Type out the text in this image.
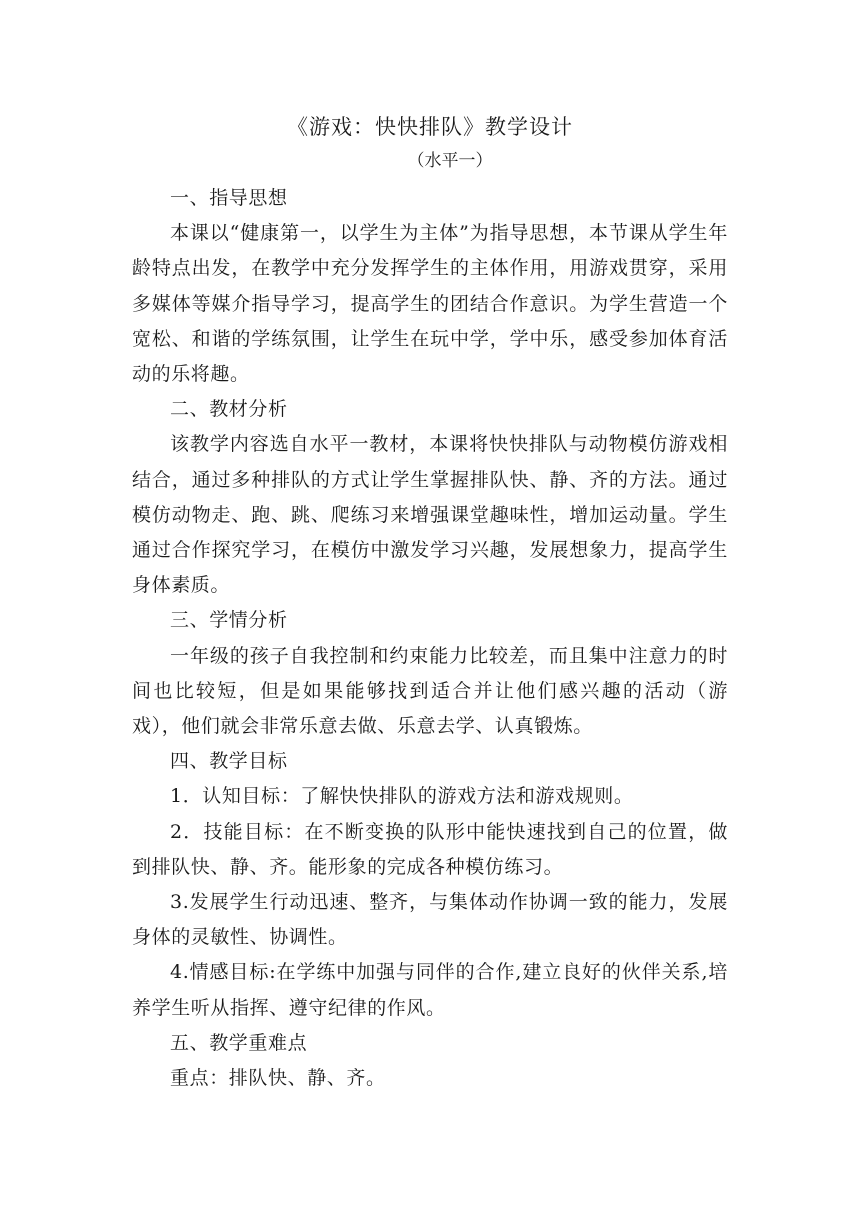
《游戏：快快排队》教学设计
（水平一）

一、指导思想

本课以“健康第一，以学生为主体”为指导思想，本节课从学生年龄特点出发，在教学中充分发挥学生的主体作用，用游戏贯穿，采用多媒体等媒介指导学习，提高学生的团结合作意识。为学生营造一个宽松、和谐的学练氛围，让学生在玩中学，学中乐，感受参加体育活动的乐将趣。

二、教材分析

该教学内容选自水平一教材，本课将快快排队与动物模仿游戏相结合，通过多种排队的方式让学生掌握排队快、静、齐的方法。通过模仿动物走、跑、跳、爬练习来增强课堂趣味性，增加运动量。学生通过合作探究学习，在模仿中激发学习兴趣，发展想象力，提高学生身体素质。

三、学情分析

一年级的孩子自我控制和约束能力比较差，而且集中注意力的时间也比较短，但是如果能够找到适合并让他们感兴趣的活动（游戏），他们就会非常乐意去做、乐意去学、认真锻炼。

四、教学目标

1．认知目标：了解快快排队的游戏方法和游戏规则。

2．技能目标：在不断变换的队形中能快速找到自己的位置，做到排队快、静、齐。能形象的完成各种模仿练习。

3.发展学生行动迅速、整齐，与集体动作协调一致的能力，发展身体的灵敏性、协调性。

4.情感目标:在学练中加强与同伴的合作,建立良好的伙伴关系,培养学生听从指挥、遵守纪律的作风。

五、教学重难点

重点：排队快、静、齐。
